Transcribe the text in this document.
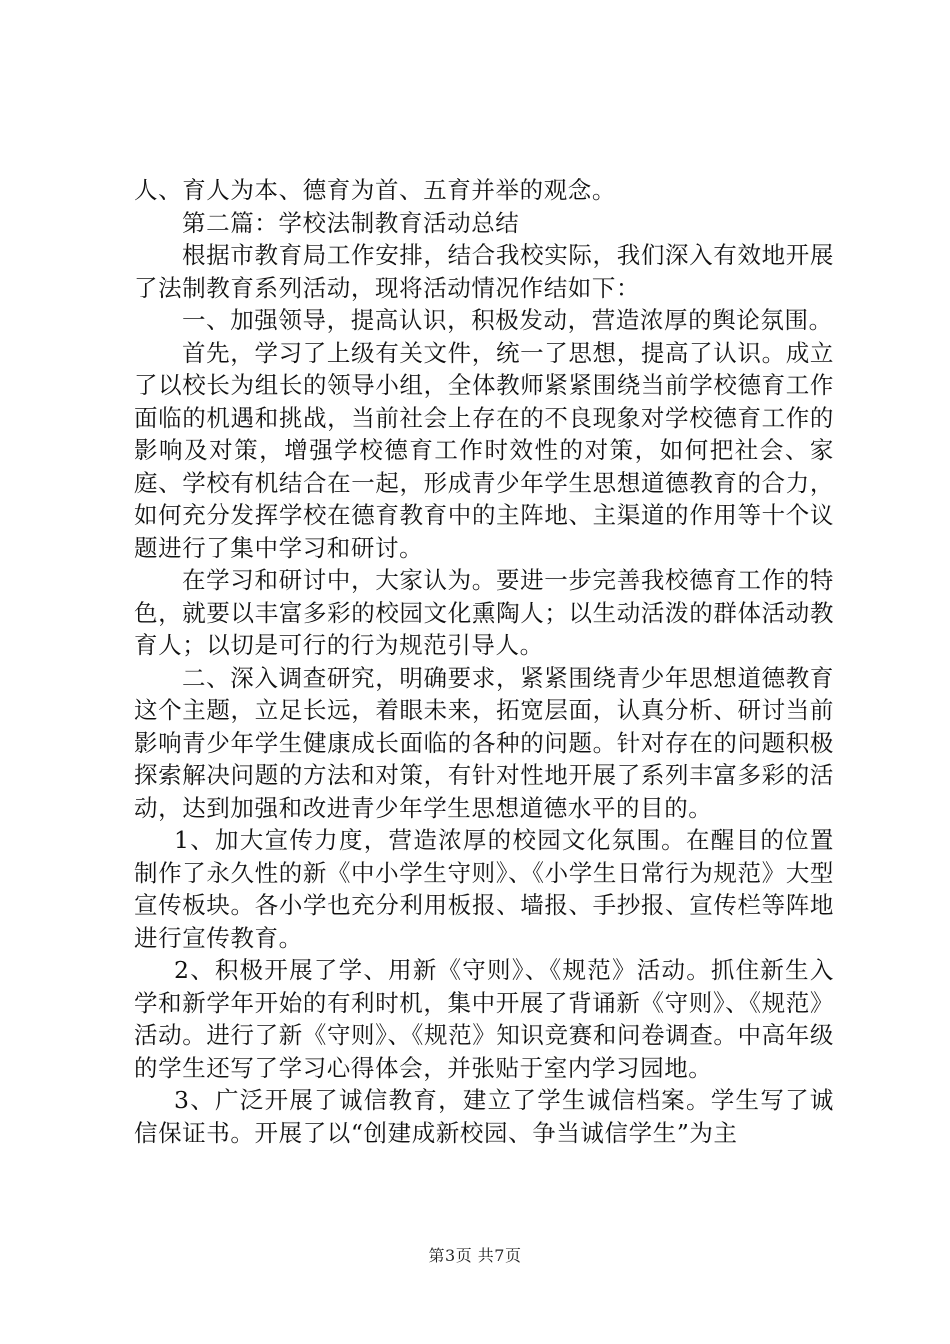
人、育人为本、德育为首、五育并举的观念。

第二篇：学校法制教育活动总结

根据市教育局工作安排，结合我校实际，我们深入有效地开展了法制教育系列活动，现将活动情况作结如下：

一、加强领导，提高认识，积极发动，营造浓厚的舆论氛围。

首先，学习了上级有关文件，统一了思想，提高了认识。成立了以校长为组长的领导小组，全体教师紧紧围绕当前学校德育工作面临的机遇和挑战，当前社会上存在的不良现象对学校德育工作的影响及对策，增强学校德育工作时效性的对策，如何把社会、家庭、学校有机结合在一起，形成青少年学生思想道德教育的合力，如何充分发挥学校在德育教育中的主阵地、主渠道的作用等十个议题进行了集中学习和研讨。

在学习和研讨中，大家认为。要进一步完善我校德育工作的特色，就要以丰富多彩的校园文化熏陶人；以生动活泼的群体活动教育人；以切是可行的行为规范引导人。

二、深入调查研究，明确要求，紧紧围绕青少年思想道德教育这个主题，立足长远，着眼未来，拓宽层面，认真分析、研讨当前影响青少年学生健康成长面临的各种的问题。针对存在的问题积极探索解决问题的方法和对策，有针对性地开展了系列丰富多彩的活动，达到加强和改进青少年学生思想道德水平的目的。

1、加大宣传力度，营造浓厚的校园文化氛围。在醒目的位置制作了永久性的新《中小学生守则》、《小学生日常行为规范》大型宣传板块。各小学也充分利用板报、墙报、手抄报、宣传栏等阵地进行宣传教育。

2、积极开展了学、用新《守则》、《规范》活动。抓住新生入学和新学年开始的有利时机，集中开展了背诵新《守则》、《规范》活动。进行了新《守则》、《规范》知识竞赛和问卷调查。中高年级的学生还写了学习心得体会，并张贴于室内学习园地。

3、广泛开展了诚信教育，建立了学生诚信档案。学生写了诚信保证书。开展了以“创建成新校园、争当诚信学生”为主

第3页 共7页
